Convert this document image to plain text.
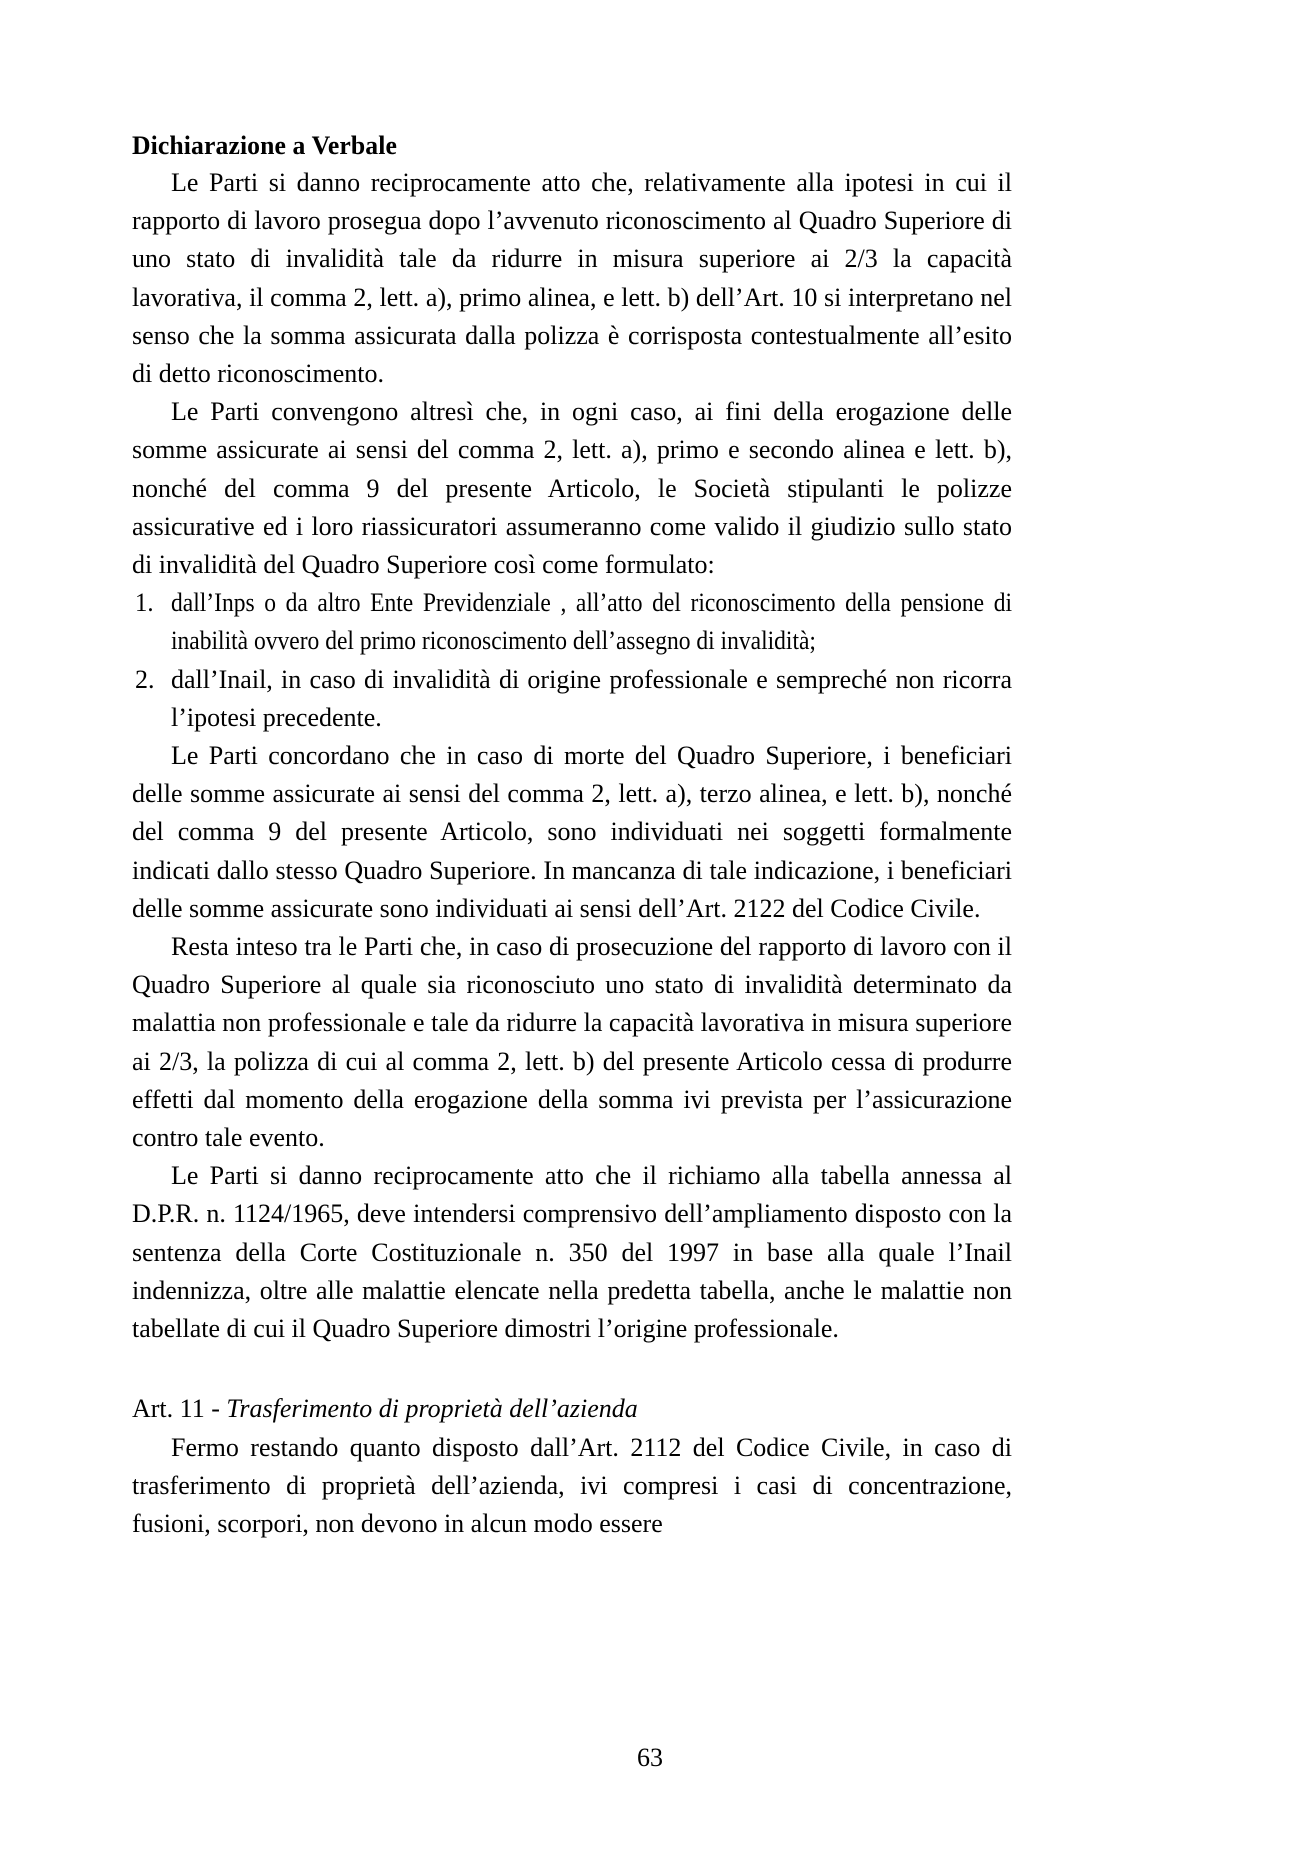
Dichiarazione a Verbale

Le Parti si danno reciprocamente atto che, relativamente alla ipotesi in cui il rapporto di lavoro prosegua dopo l’avvenuto riconoscimento al Quadro Superiore di uno stato di invalidità tale da ridurre in misura superiore ai 2/3 la capacità lavorativa, il comma 2, lett. a), primo alinea, e lett. b) dell’Art. 10 si interpretano nel senso che la somma assicurata dalla polizza è corrisposta contestualmente all’esito di detto riconoscimento.

Le Parti convengono altresì che, in ogni caso, ai fini della erogazione delle somme assicurate ai sensi del comma 2, lett. a), primo e secondo alinea e lett. b), nonché del comma 9 del presente Articolo, le Società stipulanti le polizze assicurative ed i loro riassicuratori assumeranno come valido il giudizio sullo stato di invalidità del Quadro Superiore così come formulato:

1. dall’Inps o da altro Ente Previdenziale , all’atto del riconoscimento della pensione di inabilità ovvero del primo riconoscimento dell’assegno di invalidità;
2. dall’Inail, in caso di invalidità di origine professionale e sempreché non ricorra l’ipotesi precedente.

Le Parti concordano che in caso di morte del Quadro Superiore, i beneficiari delle somme assicurate ai sensi del comma 2, lett. a), terzo alinea, e lett. b), nonché del comma 9 del presente Articolo, sono individuati nei soggetti formalmente indicati dallo stesso Quadro Superiore. In mancanza di tale indicazione, i beneficiari delle somme assicurate sono individuati ai sensi dell’Art. 2122 del Codice Civile.

Resta inteso tra le Parti che, in caso di prosecuzione del rapporto di lavoro con il Quadro Superiore al quale sia riconosciuto uno stato di invalidità determinato da malattia non professionale e tale da ridurre la capacità lavorativa in misura superiore ai 2/3, la polizza di cui al comma 2, lett. b) del presente Articolo cessa di produrre effetti dal momento della erogazione della somma ivi prevista per l’assicurazione contro tale evento.

Le Parti si danno reciprocamente atto che il richiamo alla tabella annessa al D.P.R. n. 1124/1965, deve intendersi comprensivo dell’ampliamento disposto con la sentenza della Corte Costituzionale n. 350 del 1997 in base alla quale l’Inail indennizza, oltre alle malattie elencate nella predetta tabella, anche le malattie non tabellate di cui il Quadro Superiore dimostri l’origine professionale.

Art. 11 - Trasferimento di proprietà dell’azienda

Fermo restando quanto disposto dall’Art. 2112 del Codice Civile, in caso di trasferimento di proprietà dell’azienda, ivi compresi i casi di concentrazione, fusioni, scorpori, non devono in alcun modo essere

63
